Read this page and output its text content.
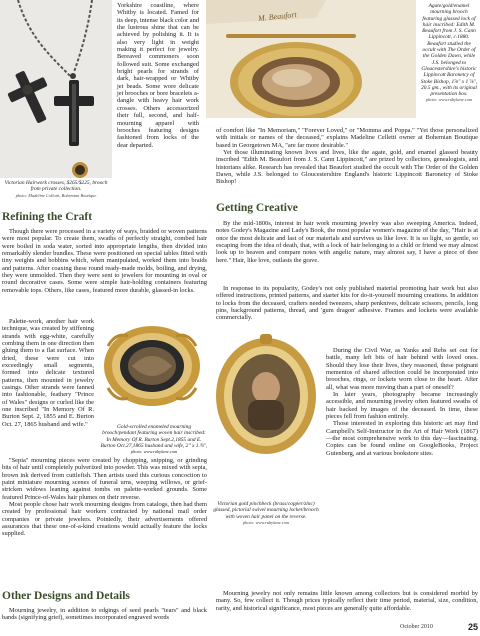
Victorian Hairwork crosses, $265/$225, brooch from private collection.
photo: Madeline Collotti, Bohemian Boutique

Yorkshire coastline, where Whitby is located. Famed for its deep, intense black color and the lustrous shine that can be achieved by polishing it. It is also very light in weight making it perfect for jewelry. Bereaved commoners soon followed suit. Some exchanged bright pearls for strands of dark, hair-wrapped or Whitby jet beads. Some wore delicate jet brooches or bore bracelets a-dangle with heavy hair work crosses. Others accessorized their full, second, and half-mourning apparel with brooches featuring designs fashioned from locks of the dear departed.

M. Beaufort
Agate/gold/enamel mourning brooch featuring glassed lock of hair inscribed: Edith M. Beaufort from J. S. Cann Lippincott, c.1880. Beaufort studied the occult with The Order of the Golden Dawn, while J.S. belonged to Gloucestershire's historic Lippincott Baronetcy of Stoke Bishop, 1⅞" x 1 ⅞", 20.5 gm., with its original presentation box.
photo: www.rubylane.com

of comfort like "In Memoriam," "Forever Loved," or "Momma and Poppa." "Yet those personalized with initials or names of the deceased," explains Madeline Celletti owner at Bohemian Boutique based in Georgetown MA, "are far more desirable."

Yet those illuminating known lives and lives, like the agate, gold, and enamel glassed beauty inscribed "Edith M. Beaufort from J. S. Cann Lippincott," are prized by collectors, genealogists, and historians alike. Research has revealed that Beaufort studied the occult with The Order of the Golden Dawn, while J.S. belonged to Gloucestershire England's historic Lippincott Baronetcy of Stoke Bishop!

Refining the Craft

Though there were processed in a variety of ways, braided or woven patterns were most popular. To create them, swaths of perfectly straight, combed hair were boiled in soda water, sorted into appropriate lengths, then divided into remarkably slender bundles. These were positioned on special tables fitted with tiny weights and bobbins which, when manipulated, worked them into braids and patterns. After coaxing these round ready-made molds, boiling, and drying, they were unmolded. Then they were sent to jewelers for mounting in oval or round decorative cases. Some were simple hair-holding containers featuring removable tops. Others, like cases, featured more durable, glassed-in locks.

Palette-work, another hair work technique, was created by stiffening strands with egg-white, carefully combing them in one direction then gluing them to a flat surface. When dried, these were cut into exceedingly small segments, formed into delicate textured patterns, then mounted in jewelry casings. Other strands were fanned into fashionable, feathery "Prince of Wales" designs or curled like the one inscribed "In Memory Of R. Burton Sept. 2, 1855 and E. Burton Oct. 27, 1865 husband and wife."	Gold-scrolled enameled mourning brooch/pendant featuring woven hair inscribed: In Memory Of R. Burton Sept.2,1855 and E. Burton Oct.27,1865 husband and wife, 2" x 1.¾", photo: www.rubylane.com

"Sepia" mourning pieces were created by chopping, snipping, or grinding bits of hair until completely pulverized into powder. This was mixed with sepia, brown ink derived from cuttlefish. Then artists used this curious concoction to paint miniature mourning scenes of funeral urns, weeping willows, or grief-stricken widows leaning against tombs on palette-worked grounds. Some featured Prince-of-Wales hair plumes on their reverse.

Most people chose hair work mourning designs from catalogs, then had them created by professional hair workers contracted by national mail order companies or private jewelers. Pointedly, their advertisements offered assurances that these one-of-a-kind creations would actually feature the locks supplied.

Other Designs and Details

Mourning jewelry, in addition to edgings of seed pearls "tears" and black bands (signifying grief), sometimes incorporated engraved words

Getting Creative

By the mid-1800s, interest in hair work mourning jewelry was also sweeping America. Indeed, notes Godey's Magazine and Lady's Book, the most popular women's magazine of the day, "Hair is at once the most delicate and last of our materials and survives us like love. It is so light, so gentle, so escaping from the idea of death, that, with a lock of hair belonging to a child or friend we may almost look up to heaven and compare notes with angelic nature, may almost say, I have a piece of thee here." Hair, like love, outlasts the grave.

In response to its popularity, Godey's not only published material promoting hair work but also offered instructions, printed patterns, and starter kits for do-it-yourself mourning creations. In addition to locks from the deceased, crafters needed tweezers, sharp penknives, delicate scissors, pencils, long pins, background patterns, thread, and 'gum dragon' adhesive. Frames and lockets were available commercially.

Victorian gold pinchbeck (brass/copper/zinc) glassed, pictorial swivel mourning locket/brooch with woven hair panel on the reverse.
photo: www.rubylane.com

During the Civil War, as Yanks and Rebs set out for battle, many left bits of hair behind with loved ones. Should they lose their lives, they reasoned, these poignant mementos of shared affection could be incorporated into brooches, rings, or lockets worn close to the heart. After all, what was more moving than a part of oneself?

In later years, photography became increasingly accessible, and mourning jewelry often featured swaths of hair backed by images of the deceased. In time, these pieces fell from fashion entirely.

Those interested in exploring this historic art may find Campbell's Self-Instructor in the Art of Hair Work (1867)—the most comprehensive work to this day—fascinating. Copies can be found online on GoogleBooks, Project Gutenberg, and at various bookstore sites.

Mourning jewelry not only remains little known among collectors but is considered morbid by many. So, few collect it. Though prices typically reflect their time period, material, size, condition, rarity, and historical significance, most pieces are generally quite affordable.

October 2010	25
